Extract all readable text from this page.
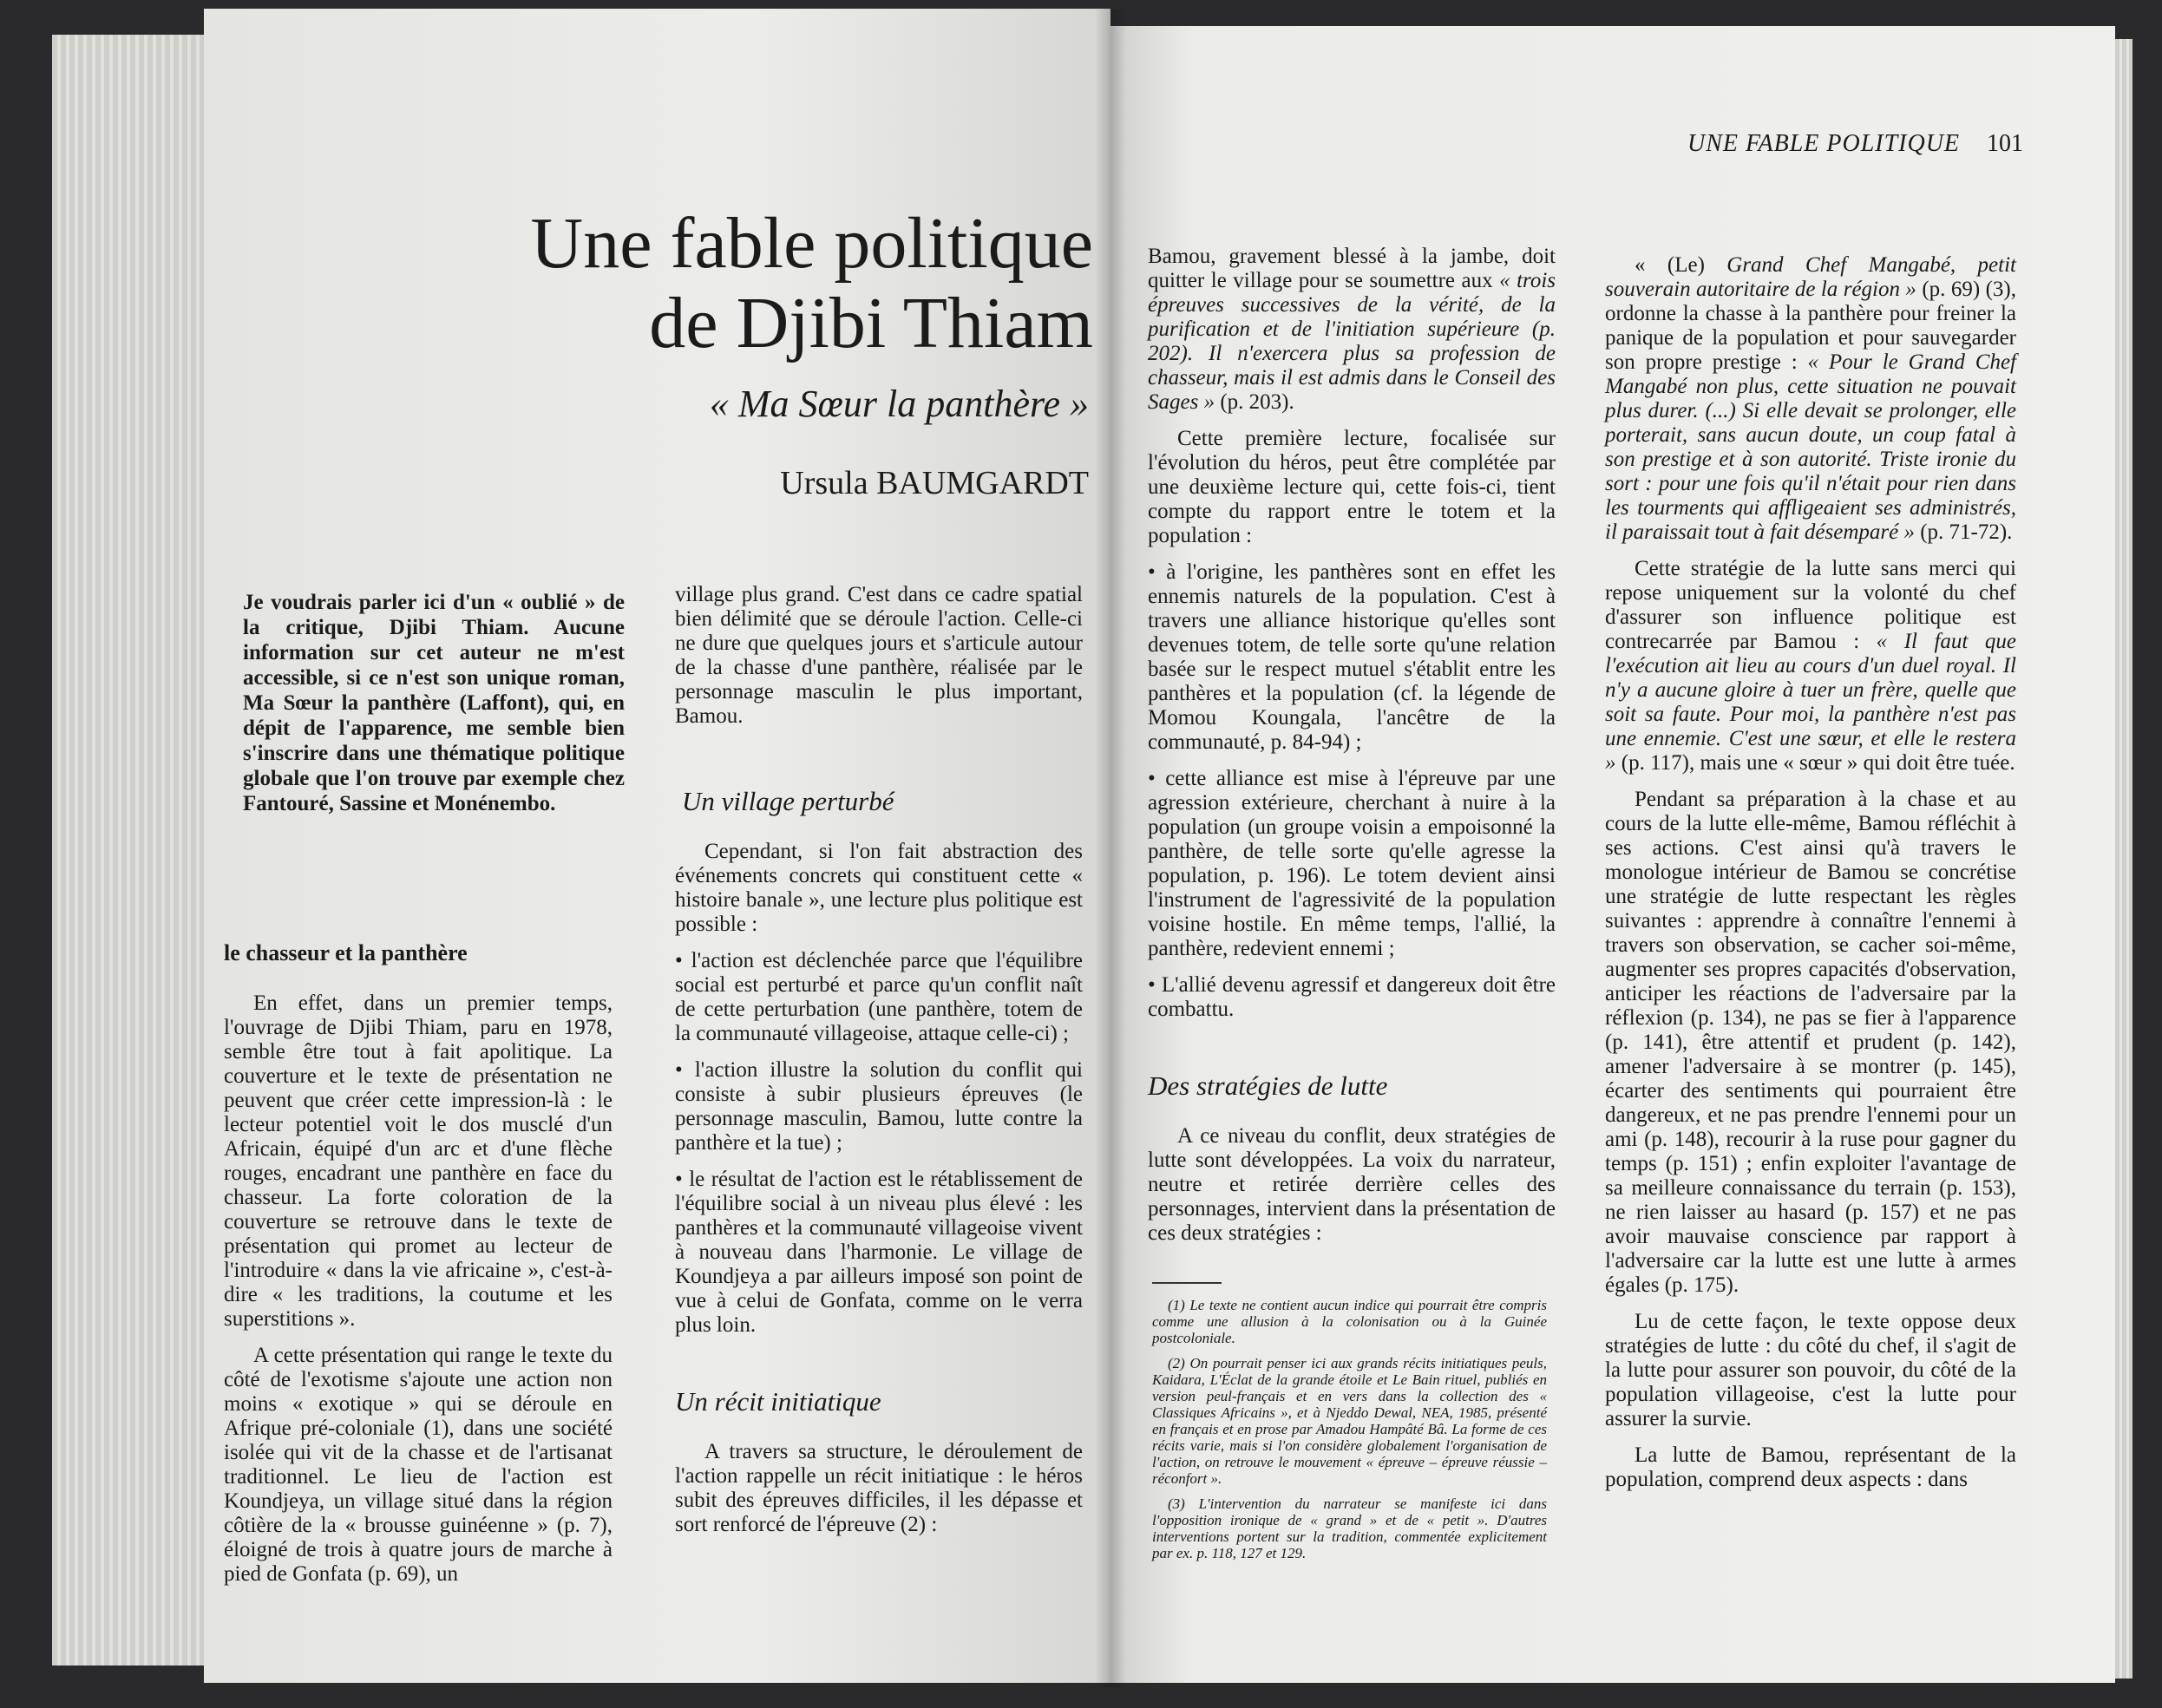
UNE FABLE POLITIQUE 101
Une fable politique
de Djibi Thiam
« Ma Sœur la panthère »
Ursula BAUMGARDT
Je voudrais parler ici d'un « oublié » de la critique, Djibi Thiam. Aucune information sur cet auteur ne m'est accessible, si ce n'est son unique roman, Ma Sœur la panthère (Laffont), qui, en dépit de l'apparence, me semble bien s'inscrire dans une thématique politique globale que l'on trouve par exemple chez Fantouré, Sassine et Monénembo.

le chasseur et la panthère

En effet, dans un premier temps, l'ouvrage de Djibi Thiam, paru en 1978, semble être tout à fait apolitique. La couverture et le texte de présentation ne peuvent que créer cette impression-là : le lecteur potentiel voit le dos musclé d'un Africain, équipé d'un arc et d'une flèche rouges, encadrant une panthère en face du chasseur. La forte coloration de la couverture se retrouve dans le texte de présentation qui promet au lecteur de l'introduire « dans la vie africaine », c'est-à-dire « les traditions, la coutume et les superstitions ».

A cette présentation qui range le texte du côté de l'exotisme s'ajoute une action non moins « exotique » qui se déroule en Afrique pré-coloniale (1), dans une société isolée qui vit de la chasse et de l'artisanat traditionnel. Le lieu de l'action est Koundjeya, un village situé dans la région côtière de la « brousse guinéenne » (p. 7), éloigné de trois à quatre jours de marche à pied de Gonfata (p. 69), un

village plus grand. C'est dans ce cadre spatial bien délimité que se déroule l'action. Celle-ci ne dure que quelques jours et s'articule autour de la chasse d'une panthère, réalisée par le personnage masculin le plus important, Bamou.

Un village perturbé

Cependant, si l'on fait abstraction des événements concrets qui constituent cette « histoire banale », une lecture plus politique est possible :

• l'action est déclenchée parce que l'équilibre social est perturbé et parce qu'un conflit naît de cette perturbation (une panthère, totem de la communauté villageoise, attaque celle-ci) ;

• l'action illustre la solution du conflit qui consiste à subir plusieurs épreuves (le personnage masculin, Bamou, lutte contre la panthère et la tue) ;

• le résultat de l'action est le rétablissement de l'équilibre social à un niveau plus élevé : les panthères et la communauté villageoise vivent à nouveau dans l'harmonie. Le village de Koundjeya a par ailleurs imposé son point de vue à celui de Gonfata, comme on le verra plus loin.

Un récit initiatique

A travers sa structure, le déroulement de l'action rappelle un récit initiatique : le héros subit des épreuves difficiles, il les dépasse et sort renforcé de l'épreuve (2) :

Bamou, gravement blessé à la jambe, doit quitter le village pour se soumettre aux « trois épreuves successives de la vérité, de la purification et de l'initiation supérieure (p. 202). Il n'exercera plus sa profession de chasseur, mais il est admis dans le Conseil des Sages » (p. 203).

Cette première lecture, focalisée sur l'évolution du héros, peut être complétée par une deuxième lecture qui, cette fois-ci, tient compte du rapport entre le totem et la population :

• à l'origine, les panthères sont en effet les ennemis naturels de la population. C'est à travers une alliance historique qu'elles sont devenues totem, de telle sorte qu'une relation basée sur le respect mutuel s'établit entre les panthères et la population (cf. la légende de Momou Koungala, l'ancêtre de la communauté, p. 84-94) ;

• cette alliance est mise à l'épreuve par une agression extérieure, cherchant à nuire à la population (un groupe voisin a empoisonné la panthère, de telle sorte qu'elle agresse la population, p. 196). Le totem devient ainsi l'instrument de l'agressivité de la population voisine hostile. En même temps, l'allié, la panthère, redevient ennemi ;

• L'allié devenu agressif et dangereux doit être combattu.

Des stratégies de lutte

A ce niveau du conflit, deux stratégies de lutte sont développées. La voix du narrateur, neutre et retirée derrière celles des personnages, intervient dans la présentation de ces deux stratégies :

(1) Le texte ne contient aucun indice qui pourrait être compris comme une allusion à la colonisation ou à la Guinée postcoloniale.

(2) On pourrait penser ici aux grands récits initiatiques peuls, Kaidara, L'Éclat de la grande étoile et Le Bain rituel, publiés en version peul-français et en vers dans la collection des « Classiques Africains », et à Njeddo Dewal, NEA, 1985, présenté en français et en prose par Amadou Hampâté Bâ. La forme de ces récits varie, mais si l'on considère globalement l'organisation de l'action, on retrouve le mouvement « épreuve – épreuve réussie – réconfort ».

(3) L'intervention du narrateur se manifeste ici dans l'opposition ironique de « grand » et de « petit ». D'autres interventions portent sur la tradition, commentée explicitement par ex. p. 118, 127 et 129.

« (Le) Grand Chef Mangabé, petit souverain autoritaire de la région » (p. 69) (3), ordonne la chasse à la panthère pour freiner la panique de la population et pour sauvegarder son propre prestige : « Pour le Grand Chef Mangabé non plus, cette situation ne pouvait plus durer. (...) Si elle devait se prolonger, elle porterait, sans aucun doute, un coup fatal à son prestige et à son autorité. Triste ironie du sort : pour une fois qu'il n'était pour rien dans les tourments qui affligeaient ses administrés, il paraissait tout à fait désemparé » (p. 71-72).

Cette stratégie de la lutte sans merci qui repose uniquement sur la volonté du chef d'assurer son influence politique est contrecarrée par Bamou : « Il faut que l'exécution ait lieu au cours d'un duel royal. Il n'y a aucune gloire à tuer un frère, quelle que soit sa faute. Pour moi, la panthère n'est pas une ennemie. C'est une sœur, et elle le restera » (p. 117), mais une « sœur » qui doit être tuée.

Pendant sa préparation à la chase et au cours de la lutte elle-même, Bamou réfléchit à ses actions. C'est ainsi qu'à travers le monologue intérieur de Bamou se concrétise une stratégie de lutte respectant les règles suivantes : apprendre à connaître l'ennemi à travers son observation, se cacher soi-même, augmenter ses propres capacités d'observation, anticiper les réactions de l'adversaire par la réflexion (p. 134), ne pas se fier à l'apparence (p. 141), être attentif et prudent (p. 142), amener l'adversaire à se montrer (p. 145), écarter des sentiments qui pourraient être dangereux, et ne pas prendre l'ennemi pour un ami (p. 148), recourir à la ruse pour gagner du temps (p. 151) ; enfin exploiter l'avantage de sa meilleure connaissance du terrain (p. 153), ne rien laisser au hasard (p. 157) et ne pas avoir mauvaise conscience par rapport à l'adversaire car la lutte est une lutte à armes égales (p. 175).

Lu de cette façon, le texte oppose deux stratégies de lutte : du côté du chef, il s'agit de la lutte pour assurer son pouvoir, du côté de la population villageoise, c'est la lutte pour assurer la survie.

La lutte de Bamou, représentant de la population, comprend deux aspects : dans
